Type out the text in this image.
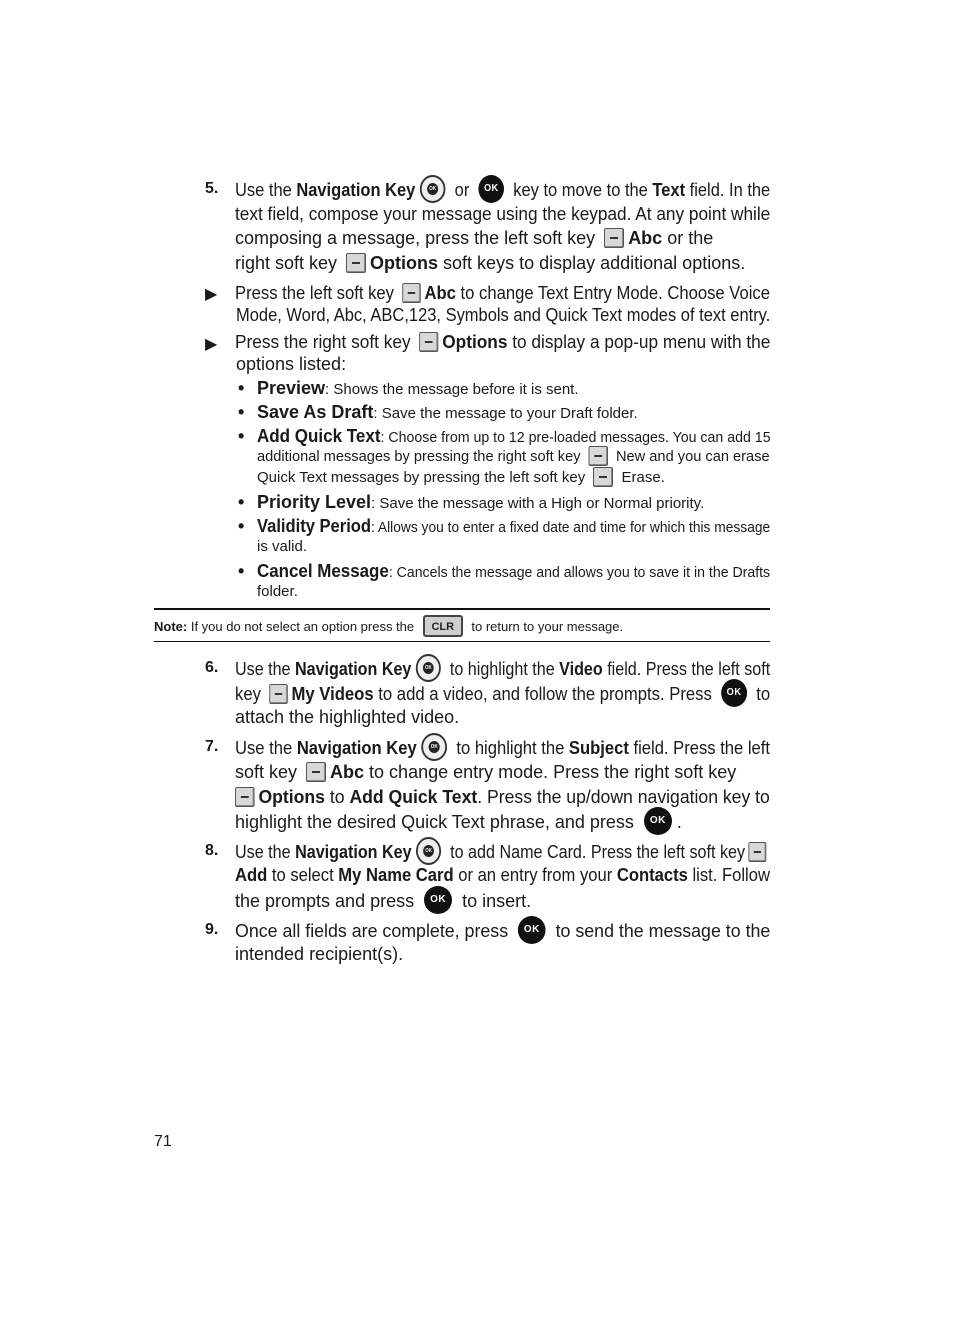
5. Use the Navigation KeyOK or OK key to move to the Text field. In the
text field, compose your message using the keypad. At any point while
composing a message, press the left soft key Abc or the
right soft key Options soft keys to display additional options.
▶ Press the left soft key Abc to change Text Entry Mode. Choose Voice
Mode, Word, Abc, ABC,123, Symbols and Quick Text modes of text entry.
▶ Press the right soft key Options to display a pop-up menu with the
options listed:
• Preview: Shows the message before it is sent.
• Save As Draft: Save the message to your Draft folder.
• Add Quick Text: Choose from up to 12 pre-loaded messages. You can add 15
additional messages by pressing the right soft key  New and you can erase
Quick Text messages by pressing the left soft key  Erase.
• Priority Level: Save the message with a High or Normal priority.
• Validity Period: Allows you to enter a fixed date and time for which this message
is valid.
• Cancel Message: Cancels the message and allows you to save it in the Drafts
folder.
Note: If you do not select an option press the CLR to return to your message.
6. Use the Navigation KeyOK to highlight the Video field. Press the left soft
key My Videos to add a video, and follow the prompts. Press OK to
attach the highlighted video.
7. Use the Navigation KeyOK to highlight the Subject field. Press the left
soft key Abc to change entry mode. Press the right soft key
Options to Add Quick Text. Press the up/down navigation key to
highlight the desired Quick Text phrase, and press OK .
8. Use the Navigation KeyOK to add Name Card. Press the left soft key
Add to select My Name Card or an entry from your Contacts list. Follow
the prompts and press OK to insert.
9. Once all fields are complete, press OK to send the message to the
intended recipient(s).
71
